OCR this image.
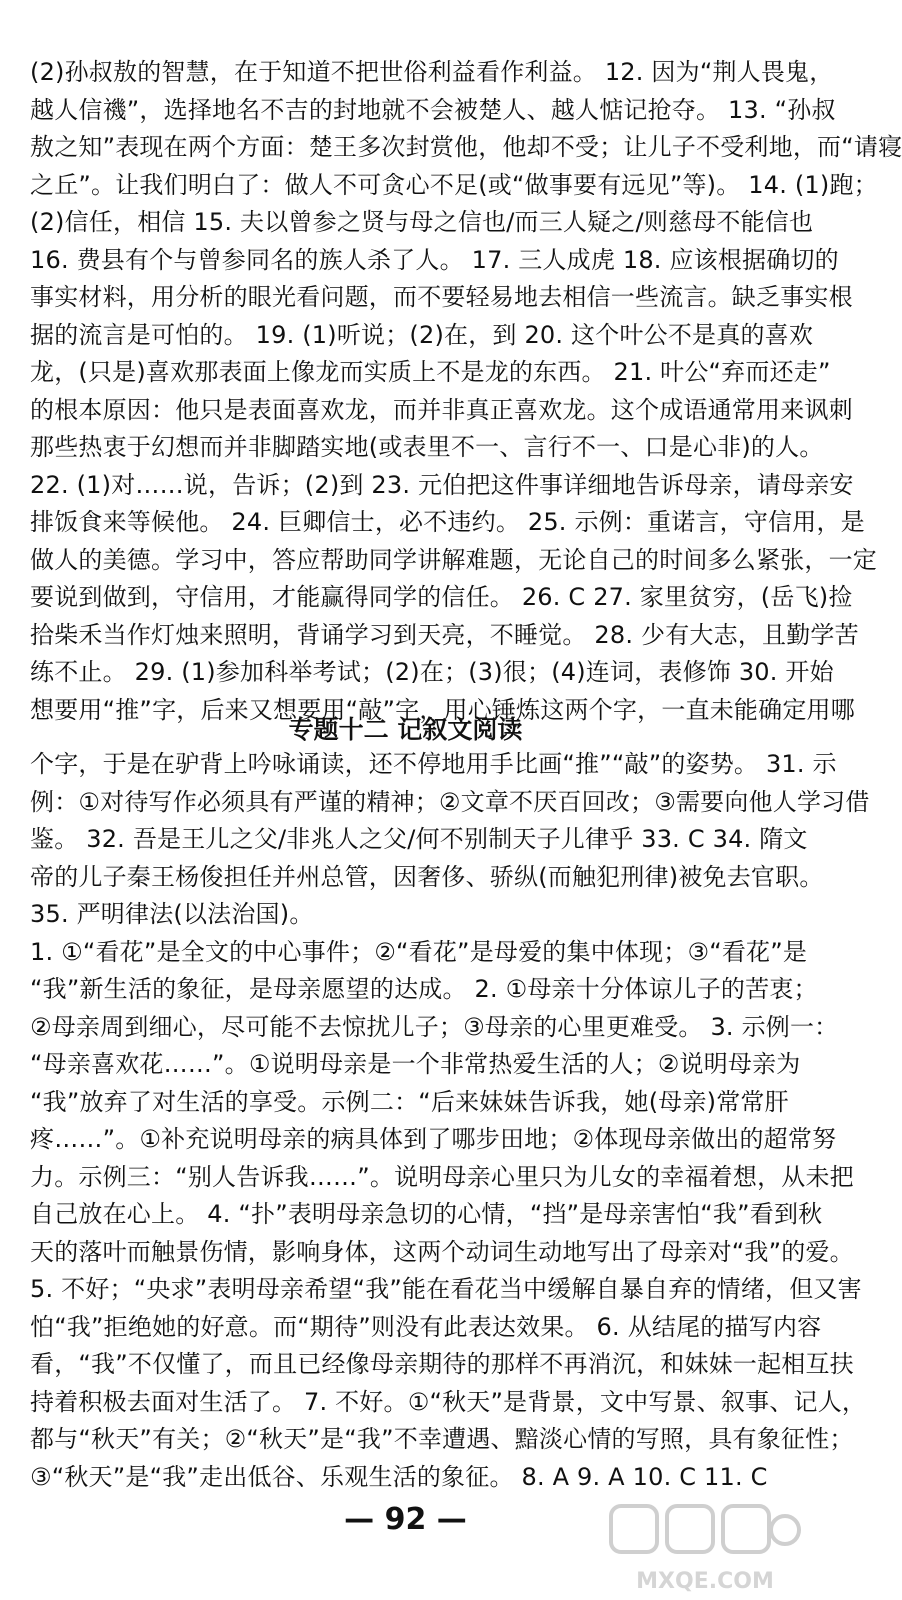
(2)孙叔敖的智慧，在于知道不把世俗利益看作利益。 12. 因为“荆人畏鬼，

越人信禨”，选择地名不吉的封地就不会被楚人、越人惦记抢夺。 13. “孙叔

敖之知”表现在两个方面：楚王多次封赏他，他却不受；让儿子不受利地，而“请寝

之丘”。让我们明白了：做人不可贪心不足(或“做事要有远见”等)。 14. (1)跑；

(2)信任，相信 15. 夫以曾参之贤与母之信也/而三人疑之/则慈母不能信也

16. 费县有个与曾参同名的族人杀了人。 17. 三人成虎 18. 应该根据确切的

事实材料，用分析的眼光看问题，而不要轻易地去相信一些流言。缺乏事实根

据的流言是可怕的。 19. (1)听说；(2)在，到 20. 这个叶公不是真的喜欢

龙，(只是)喜欢那表面上像龙而实质上不是龙的东西。 21. 叶公“弃而还走”

的根本原因：他只是表面喜欢龙，而并非真正喜欢龙。这个成语通常用来讽刺

那些热衷于幻想而并非脚踏实地(或表里不一、言行不一、口是心非)的人。

22. (1)对……说，告诉；(2)到 23. 元伯把这件事详细地告诉母亲，请母亲安

排饭食来等候他。 24. 巨卿信士，必不违约。 25. 示例：重诺言，守信用，是

做人的美德。学习中，答应帮助同学讲解难题，无论自己的时间多么紧张，一定

要说到做到，守信用，才能赢得同学的信任。 26. C 27. 家里贫穷，(岳飞)捡

拾柴禾当作灯烛来照明，背诵学习到天亮，不睡觉。 28. 少有大志，且勤学苦

练不止。 29. (1)参加科举考试；(2)在；(3)很；(4)连词，表修饰 30. 开始

想要用“推”字，后来又想要用“敲”字，用心锤炼这两个字，一直未能确定用哪

专题十二 记叙文阅读

个字，于是在驴背上吟咏诵读，还不停地用手比画“推”“敲”的姿势。 31. 示

例：①对待写作必须具有严谨的精神；②文章不厌百回改；③需要向他人学习借

鉴。 32. 吾是王儿之父/非兆人之父/何不别制天子儿律乎 33. C 34. 隋文

帝的儿子秦王杨俊担任并州总管，因奢侈、骄纵(而触犯刑律)被免去官职。

35. 严明律法(以法治国)。

1. ①“看花”是全文的中心事件；②“看花”是母爱的集中体现；③“看花”是

“我”新生活的象征，是母亲愿望的达成。 2. ①母亲十分体谅儿子的苦衷；

②母亲周到细心，尽可能不去惊扰儿子；③母亲的心里更难受。 3. 示例一：

“母亲喜欢花……”。①说明母亲是一个非常热爱生活的人；②说明母亲为

“我”放弃了对生活的享受。示例二：“后来妹妹告诉我，她(母亲)常常肝

疼……”。①补充说明母亲的病具体到了哪步田地；②体现母亲做出的超常努

力。示例三：“别人告诉我……”。说明母亲心里只为儿女的幸福着想，从未把

自己放在心上。 4. “扑”表明母亲急切的心情，“挡”是母亲害怕“我”看到秋

天的落叶而触景伤情，影响身体，这两个动词生动地写出了母亲对“我”的爱。

5. 不好；“央求”表明母亲希望“我”能在看花当中缓解自暴自弃的情绪，但又害

怕“我”拒绝她的好意。而“期待”则没有此表达效果。 6. 从结尾的描写内容

看，“我”不仅懂了，而且已经像母亲期待的那样不再消沉，和妹妹一起相互扶

持着积极去面对生活了。 7. 不好。①“秋天”是背景，文中写景、叙事、记人，

都与“秋天”有关；②“秋天”是“我”不幸遭遇、黯淡心情的写照，具有象征性；

③“秋天”是“我”走出低谷、乐观生活的象征。 8. A 9. A 10. C 11. C

— 92 —
MXQE.COM
